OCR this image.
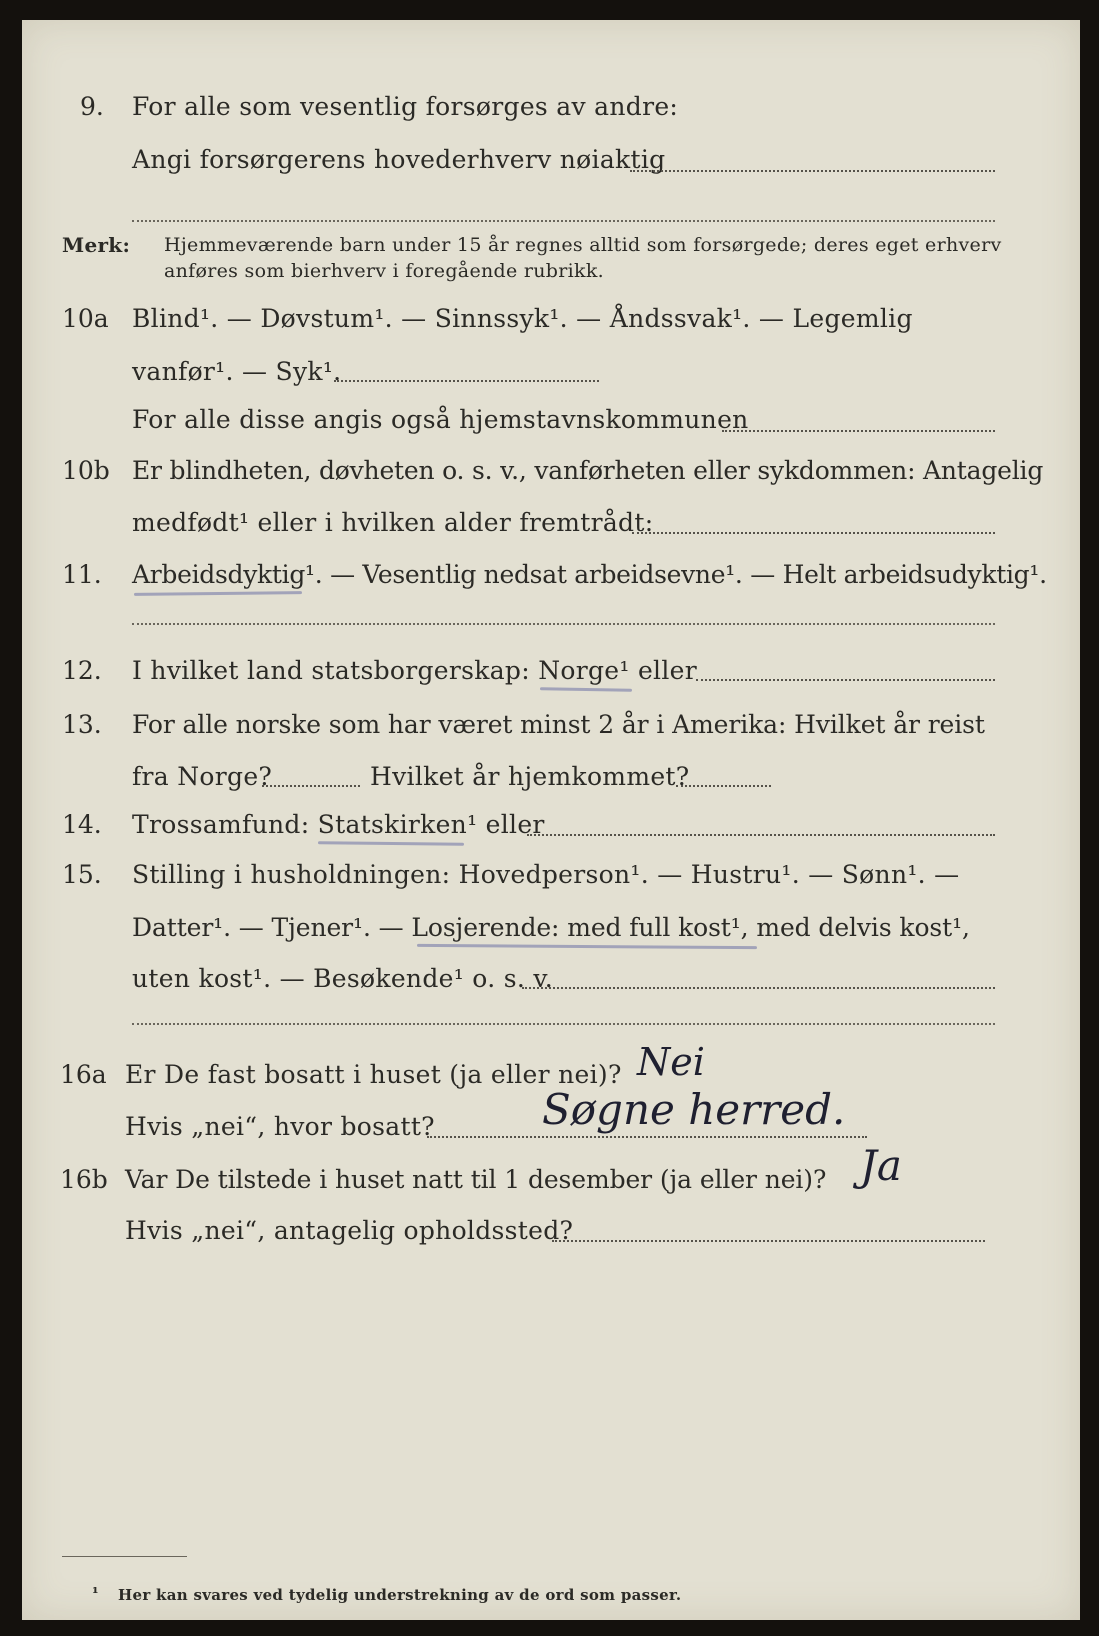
9. For alle som vesentlig forsørges av andre:
Angi forsørgerens hovederhverv nøiaktig
Merk: Hjemmeværende barn under 15 år regnes alltid som forsørgede; deres eget erhverv
anføres som bierhverv i foregående rubrikk.
10a Blind¹. — Døvstum¹. — Sinnssyk¹. — Åndssvak¹. — Legemlig
vanfør¹. — Syk¹.
For alle disse angis også hjemstavnskommunen
10b Er blindheten, døvheten o. s. v., vanførheten eller sykdommen: Antagelig
medfødt¹ eller i hvilken alder fremtrådt:
11. Arbeidsdyktig¹. — Vesentlig nedsat arbeidsevne¹. — Helt arbeidsudyktig¹.
12. I hvilket land statsborgerskap: Norge¹ eller
13. For alle norske som har været minst 2 år i Amerika: Hvilket år reist
fra Norge?	Hvilket år hjemkommet?
14. Trossamfund: Statskirken¹ eller
15. Stilling i husholdningen: Hovedperson¹. — Hustru¹. — Sønn¹. —
Datter¹. — Tjener¹. — Losjerende: med full kost¹, med delvis kost¹,
uten kost¹. — Besøkende¹ o. s. v.
16a Er De fast bosatt i huset (ja eller nei)? Nei
Hvis „nei“, hvor bosatt?	Søgne herred.
16b Var De tilstede i huset natt til 1 desember (ja eller nei)? Ja
Hvis „nei“, antagelig opholdssted?
¹ Her kan svares ved tydelig understrekning av de ord som passer.
